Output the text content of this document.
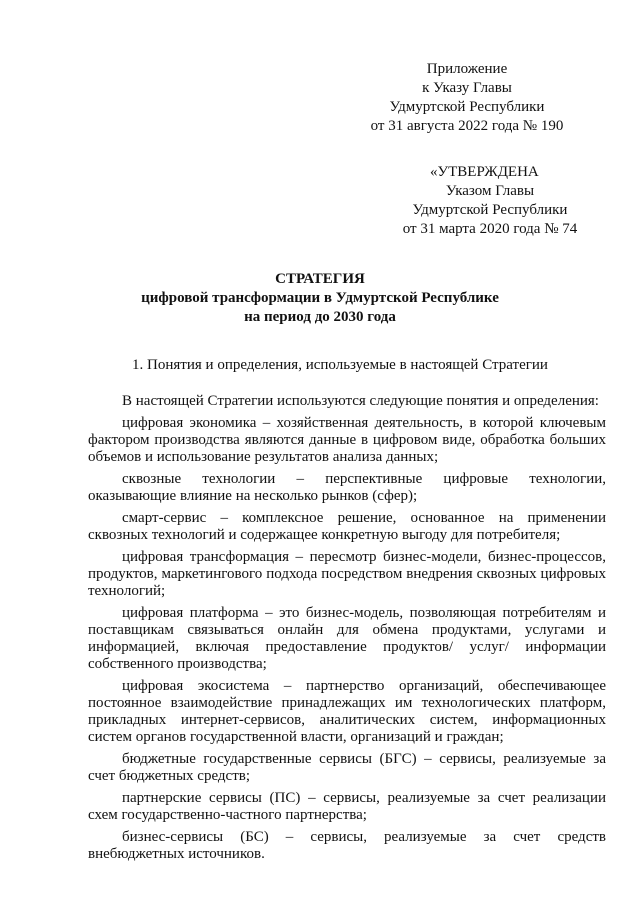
Приложение
к Указу Главы
Удмуртской Республики
от 31 августа 2022 года № 190
«УТВЕРЖДЕНА
Указом Главы
Удмуртской Республики
от 31 марта 2020 года № 74
СТРАТЕГИЯ
цифровой трансформации в Удмуртской Республике
на период до 2030 года
1. Понятия и определения, используемые в настоящей Стратегии

В настоящей Стратегии используются следующие понятия и определения:

цифровая экономика – хозяйственная деятельность, в которой ключевым фактором производства являются данные в цифровом виде, обработка больших объемов и использование результатов анализа данных;

сквозные технологии – перспективные цифровые технологии, оказывающие влияние на несколько рынков (сфер);

смарт-сервис – комплексное решение, основанное на применении сквозных технологий и содержащее конкретную выгоду для потребителя;

цифровая трансформация – пересмотр бизнес-модели, бизнес-процессов, продуктов, маркетингового подхода посредством внедрения сквозных цифровых технологий;

цифровая платформа – это бизнес-модель, позволяющая потребителям и поставщикам связываться онлайн для обмена продуктами, услугами и информацией, включая предоставление продуктов/ услуг/ информации собственного производства;

цифровая экосистема – партнерство организаций, обеспечивающее постоянное взаимодействие принадлежащих им технологических платформ, прикладных интернет-сервисов, аналитических систем, информационных систем органов государственной власти, организаций и граждан;

бюджетные государственные сервисы (БГС) – сервисы, реализуемые за счет бюджетных средств;

партнерские сервисы (ПС) – сервисы, реализуемые за счет реализации схем государственно-частного партнерства;

бизнес-сервисы (БС) – сервисы, реализуемые за счет средств внебюджетных источников.
